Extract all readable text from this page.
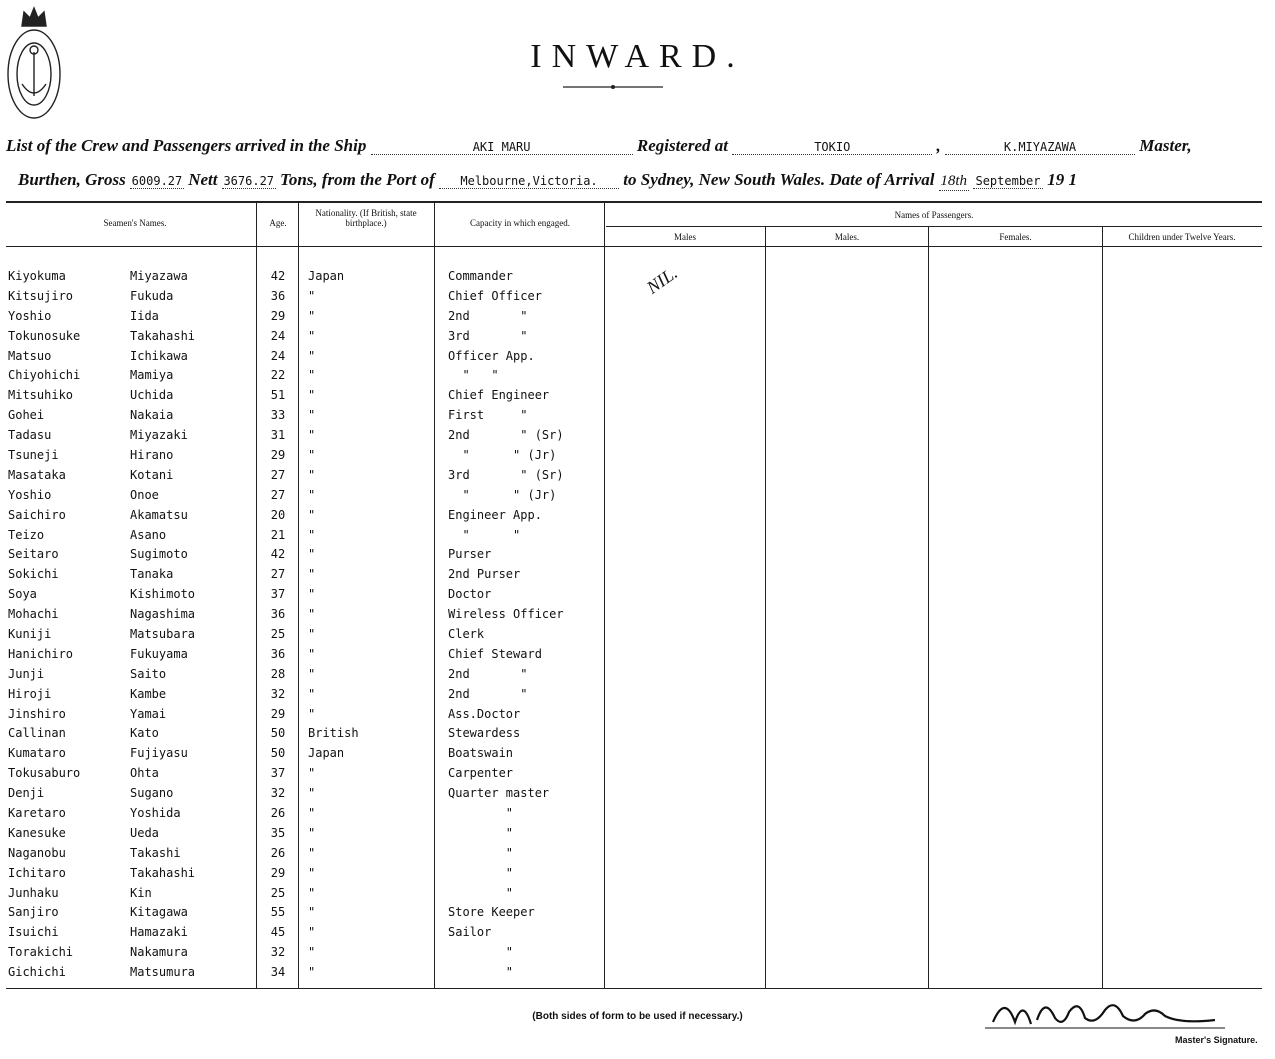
INWARD.
List of the Crew and Passengers arrived in the Ship	AKI MARU	Registered at	TOKIO	,	K.MIYAZAWA	Master,
Burthen, Gross 6009.27 Nett 3676.27 Tons, from the Port of Melbourne,Victoria. to Sydney, New South Wales. Date of Arrival 18th September 19 1
Seamen's Names.	Age.
Nationality. (If British, state birthplace.)	Capacity in which engaged.
Names of Passengers.
Males	Males.	Females.	Children under Twelve Years.
Kiyokuma	Miyazawa	42	Japan	Commander
Kitsujiro	Fukuda	36	"	Chief Officer
Yoshio	Iida	29	"	2nd       "
Tokunosuke	Takahashi	24	"	3rd       "
Matsuo	Ichikawa	24	"	Officer App.
Chiyohichi	Mamiya	22	"	"   "
Mitsuhiko	Uchida	51	"	Chief Engineer
Gohei	Nakaia	33	"	First     "
Tadasu	Miyazaki	31	"	2nd       " (Sr)
Tsuneji	Hirano	29	"	"      " (Jr)
Masataka	Kotani	27	"	3rd       " (Sr)
Yoshio	Onoe	27	"	"      " (Jr)
Saichiro	Akamatsu	20	"	Engineer App.
Teizo	Asano	21	"	"      "
Seitaro	Sugimoto	42	"	Purser
Sokichi	Tanaka	27	"	2nd Purser
Soya	Kishimoto	37	"	Doctor
Mohachi	Nagashima	36	"	Wireless Officer
Kuniji	Matsubara	25	"	Clerk
Hanichiro	Fukuyama	36	"	Chief Steward
Junji	Saito	28	"	2nd       "
Hiroji	Kambe	32	"	2nd       "
Jinshiro	Yamai	29	"	Ass.Doctor
Callinan	Kato	50	British	Stewardess
Kumataro	Fujiyasu	50	Japan	Boatswain
Tokusaburo	Ohta	37	"	Carpenter
Denji	Sugano	32	"	Quarter master
Karetaro	Yoshida	26	"	"
Kanesuke	Ueda	35	"	"
Naganobu	Takashi	26	"	"
Ichitaro	Takahashi	29	"	"
Junhaku	Kin	25	"	"
Sanjiro	Kitagawa	55	"	Store Keeper
Isuichi	Hamazaki	45	"	Sailor
Torakichi	Nakamura	32	"	"
Gichichi	Matsumura	34	"	"
NIL.
(Both sides of form to be used if necessary.)
Master's Signature.
